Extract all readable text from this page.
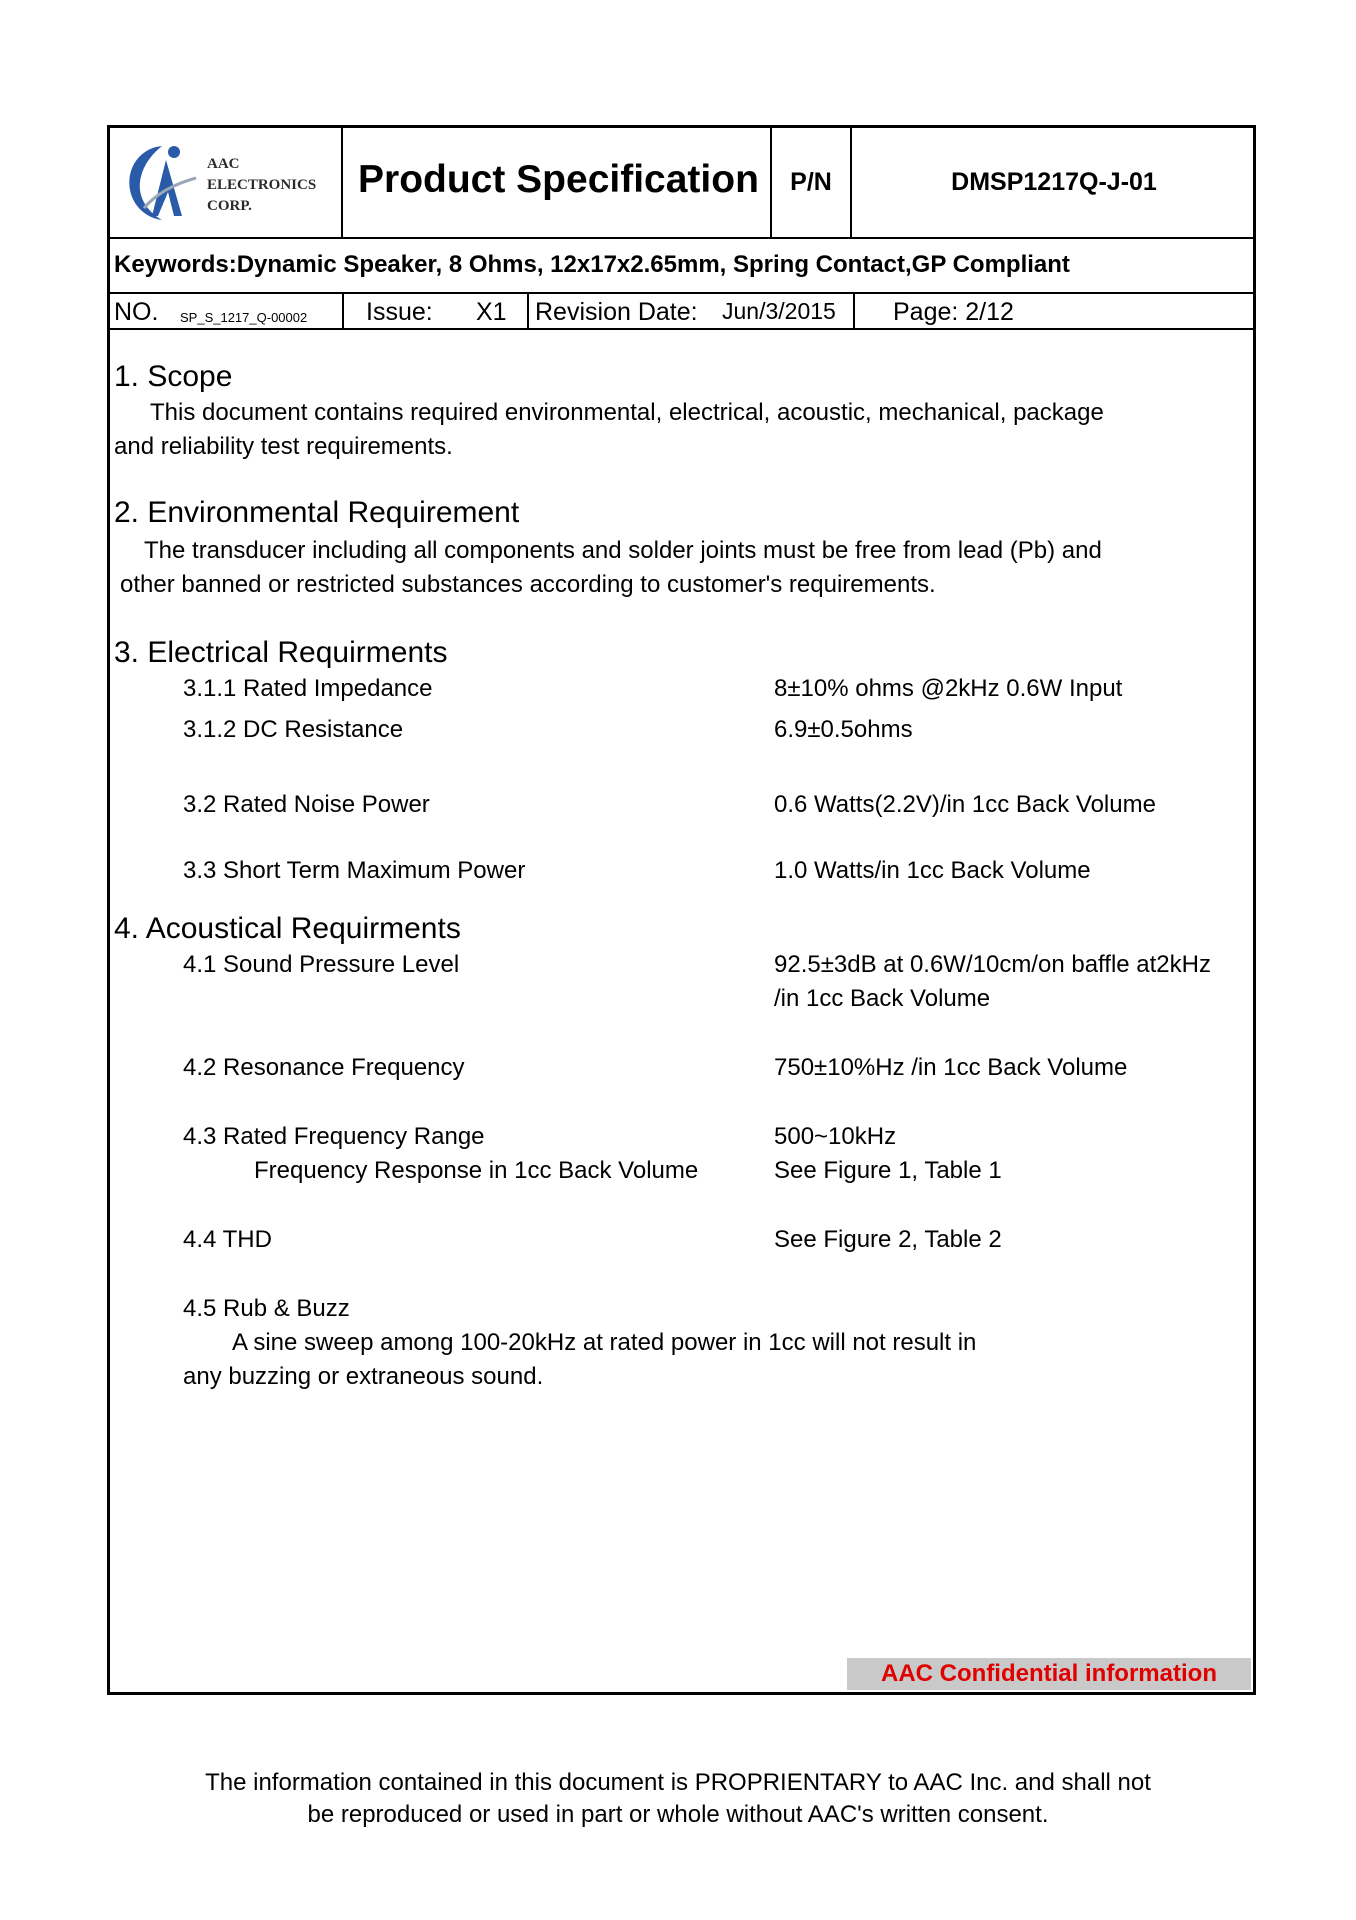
AAC
ELECTRONICS
CORP.
Product Specification	P/N	DMSP1217Q-J-01
Keywords:Dynamic Speaker, 8 Ohms, 12x17x2.65mm, Spring Contact,GP Compliant
NO. SP_S_1217_Q-00002 Issue: X1 Revision Date: Jun/3/2015 Page: 2/12
1. Scope
This document contains required environmental, electrical, acoustic, mechanical, package
and reliability test requirements.
2. Environmental Requirement
The transducer including all components and solder joints must be free from lead (Pb) and
other banned or restricted substances according to customer's requirements.
3. Electrical Requirments
3.1.1 Rated Impedance	8±10% ohms @2kHz 0.6W Input
3.1.2 DC Resistance	6.9±0.5ohms
3.2 Rated Noise Power	0.6 Watts(2.2V)/in 1cc Back Volume
3.3 Short Term Maximum Power	1.0 Watts/in 1cc Back Volume
4. Acoustical Requirments
4.1 Sound Pressure Level	92.5±3dB at 0.6W/10cm/on baffle at2kHz
/in 1cc Back Volume
4.2 Resonance Frequency	750±10%Hz /in 1cc Back Volume
4.3 Rated Frequency Range	500~10kHz
Frequency Response in 1cc Back Volume	See Figure 1, Table 1
4.4 THD	See Figure 2, Table 2
4.5 Rub & Buzz
A sine sweep among 100-20kHz at rated power in 1cc will not result in
any buzzing or extraneous sound.
AAC Confidential information
The information contained in this document is PROPRIENTARY to AAC Inc. and shall not
be reproduced or used in part or whole without AAC's written consent.
